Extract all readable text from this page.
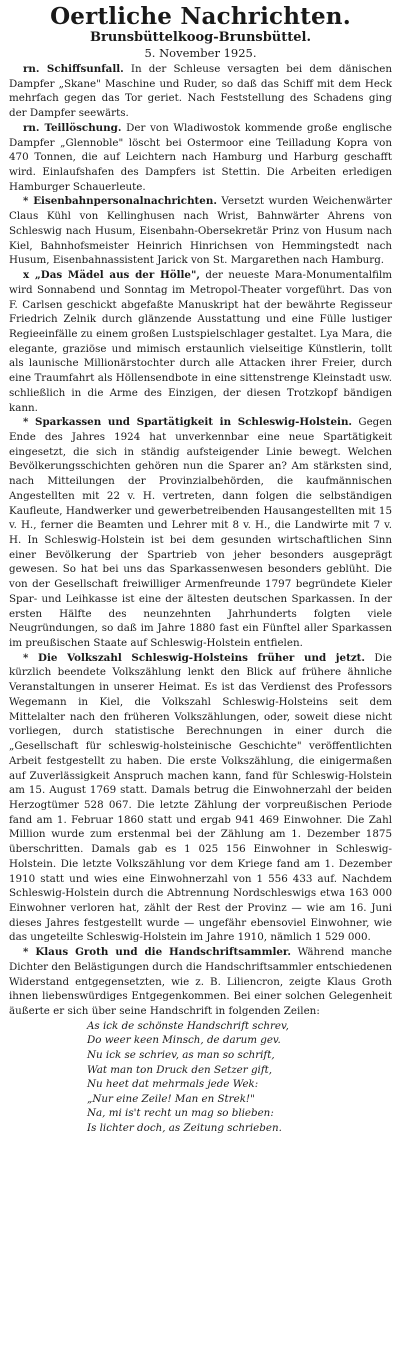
Oertliche Nachrichten.

Brunsbüttelkoog-Brunsbüttel.

5. November 1925.

rn. Schiffsunfall. In der Schleuse versagten bei dem dänischen Dampfer „Skane" Maschine und Ruder, so daß das Schiff mit dem Heck mehrfach gegen das Tor geriet. Nach Feststellung des Schadens ging der Dampfer seewärts.

rn. Teillöschung. Der von Wladiwostok kommende große englische Dampfer „Glennoble" löscht bei Ostermoor eine Teilladung Kopra von 470 Tonnen, die auf Leichtern nach Hamburg und Harburg geschafft wird. Einlaufshafen des Dampfers ist Stettin. Die Arbeiten erledigen Hamburger Schauerleute.

* Eisenbahnpersonalnachrichten. Versetzt wurden Weichenwärter Claus Kühl von Kellinghusen nach Wrist, Bahnwärter Ahrens von Schleswig nach Husum, Eisenbahn-Obersekretär Prinz von Husum nach Kiel, Bahnhofsmeister Heinrich Hinrichsen von Hemmingstedt nach Husum, Eisenbahnassistent Jarick von St. Margarethen nach Hamburg.

x „Das Mädel aus der Hölle", der neueste Mara-Monumentalfilm wird Sonnabend und Sonntag im Metropol-Theater vorgeführt. Das von F. Carlsen geschickt abgefaßte Manuskript hat der bewährte Regisseur Friedrich Zelnik durch glänzende Ausstattung und eine Fülle lustiger Regieeinfälle zu einem großen Lustspielschlager gestaltet. Lya Mara, die elegante, graziöse und mimisch erstaunlich vielseitige Künstlerin, tollt als launische Millionärstochter durch alle Attacken ihrer Freier, durch eine Traumfahrt als Höllensendbote in eine sittenstrenge Kleinstadt usw. schließlich in die Arme des Einzigen, der diesen Trotzkopf bändigen kann.

* Sparkassen und Spartätigkeit in Schleswig-Holstein. Gegen Ende des Jahres 1924 hat unverkennbar eine neue Spartätigkeit eingesetzt, die sich in ständig aufsteigender Linie bewegt. Welchen Bevölkerungsschichten gehören nun die Sparer an? Am stärksten sind, nach Mitteilungen der Provinzialbehörden, die kaufmännischen Angestellten mit 22 v. H. vertreten, dann folgen die selbständigen Kaufleute, Handwerker und gewerbetreibenden Hausangestellten mit 15 v. H., ferner die Beamten und Lehrer mit 8 v. H., die Landwirte mit 7 v. H. In Schleswig-Holstein ist bei dem gesunden wirtschaftlichen Sinn einer Bevölkerung der Spartrieb von jeher besonders ausgeprägt gewesen. So hat bei uns das Sparkassenwesen besonders geblüht. Die von der Gesellschaft freiwilliger Armenfreunde 1797 begründete Kieler Spar- und Leihkasse ist eine der ältesten deutschen Sparkassen. In der ersten Hälfte des neunzehnten Jahrhunderts folgten viele Neugründungen, so daß im Jahre 1880 fast ein Fünftel aller Sparkassen im preußischen Staate auf Schleswig-Holstein entfielen.

* Die Volkszahl Schleswig-Holsteins früher und jetzt. Die kürzlich beendete Volkszählung lenkt den Blick auf frühere ähnliche Veranstaltungen in unserer Heimat. Es ist das Verdienst des Professors Wegemann in Kiel, die Volkszahl Schleswig-Holsteins seit dem Mittelalter nach den früheren Volkszählungen, oder, soweit diese nicht vorliegen, durch statistische Berechnungen in einer durch die „Gesellschaft für schleswig-holsteinische Geschichte" veröffentlichten Arbeit festgestellt zu haben. Die erste Volkszählung, die einigermaßen auf Zuverlässigkeit Anspruch machen kann, fand für Schleswig-Holstein am 15. August 1769 statt. Damals betrug die Einwohnerzahl der beiden Herzogtümer 528 067. Die letzte Zählung der vorpreußischen Periode fand am 1. Februar 1860 statt und ergab 941 469 Einwohner. Die Zahl Million wurde zum erstenmal bei der Zählung am 1. Dezember 1875 überschritten. Damals gab es 1 025 156 Einwohner in Schleswig-Holstein. Die letzte Volkszählung vor dem Kriege fand am 1. Dezember 1910 statt und wies eine Einwohnerzahl von 1 556 433 auf. Nachdem Schleswig-Holstein durch die Abtrennung Nordschleswigs etwa 163 000 Einwohner verloren hat, zählt der Rest der Provinz — wie am 16. Juni dieses Jahres festgestellt wurde — ungefähr ebensoviel Einwohner, wie das ungeteilte Schleswig-Holstein im Jahre 1910, nämlich 1 529 000.

* Klaus Groth und die Handschriftsammler. Während manche Dichter den Belästigungen durch die Handschriftsammler entschiedenen Widerstand entgegensetzten, wie z. B. Liliencron, zeigte Klaus Groth ihnen liebenswürdiges Entgegenkommen. Bei einer solchen Gelegenheit äußerte er sich über seine Handschrift in folgenden Zeilen:

As ick de schönste Handschrift schrev,
Do weer keen Minsch, de darum gev.
Nu ick se schriev, as man so schrift,
Wat man ton Druck den Setzer gift,
Nu heet dat mehrmals jede Wek:
„Nur eine Zeile! Man en Strek!"
Na, mi is't recht un mag so blieben:
Is lichter doch, as Zeitung schrieben.
